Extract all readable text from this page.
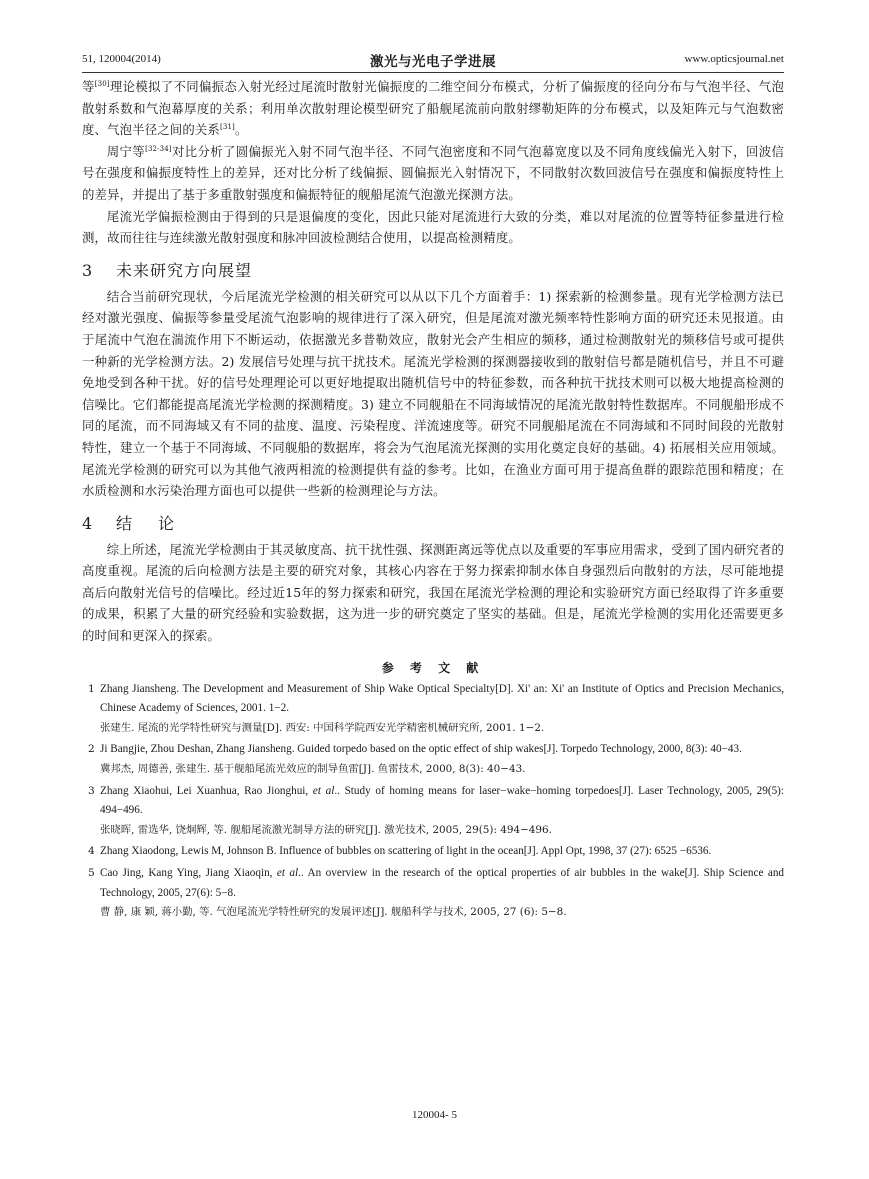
51, 120004(2014)	激光与光电子学进展	www.opticsjournal.net

等[30]理论模拟了不同偏振态入射光经过尾流时散射光偏振度的二维空间分布模式，分析了偏振度的径向分布与气泡半径、气泡散射系数和气泡幕厚度的关系；利用单次散射理论模型研究了船舰尾流前向散射缪勒矩阵的分布模式，以及矩阵元与气泡数密度、气泡半径之间的关系[31]。

周宁等[32-34]对比分析了圆偏振光入射不同气泡半径、不同气泡密度和不同气泡幕宽度以及不同角度线偏光入射下，回波信号在强度和偏振度特性上的差异，还对比分析了线偏振、圆偏振光入射情况下，不同散射次数回波信号在强度和偏振度特性上的差异，并提出了基于多重散射强度和偏振特征的舰船尾流气泡激光探测方法。

尾流光学偏振检测由于得到的只是退偏度的变化，因此只能对尾流进行大致的分类，难以对尾流的位置等特征参量进行检测，故而往往与连续激光散射强度和脉冲回波检测结合使用，以提高检测精度。

3 未来研究方向展望

结合当前研究现状，今后尾流光学检测的相关研究可以从以下几个方面着手：1) 探索新的检测参量。现有光学检测方法已经对激光强度、偏振等参量受尾流气泡影响的规律进行了深入研究，但是尾流对激光频率特性影响方面的研究还未见报道。由于尾流中气泡在湍流作用下不断运动，依据激光多普勒效应，散射光会产生相应的频移，通过检测散射光的频移信号或可提供一种新的光学检测方法。2) 发展信号处理与抗干扰技术。尾流光学检测的探测器接收到的散射信号都是随机信号，并且不可避免地受到各种干扰。好的信号处理理论可以更好地提取出随机信号中的特征参数，而各种抗干扰技术则可以极大地提高检测的信噪比。它们都能提高尾流光学检测的探测精度。3) 建立不同舰船在不同海域情况的尾流光散射特性数据库。不同舰船形成不同的尾流，而不同海域又有不同的盐度、温度、污染程度、洋流速度等。研究不同舰船尾流在不同海域和不同时间段的光散射特性，建立一个基于不同海域、不同舰船的数据库，将会为气泡尾流光探测的实用化奠定良好的基础。4) 拓展相关应用领域。尾流光学检测的研究可以为其他气液两相流的检测提供有益的参考。比如，在渔业方面可用于提高鱼群的跟踪范围和精度；在水质检测和水污染治理方面也可以提供一些新的检测理论与方法。

4 结论

综上所述，尾流光学检测由于其灵敏度高、抗干扰性强、探测距离远等优点以及重要的军事应用需求，受到了国内研究者的高度重视。尾流的后向检测方法是主要的研究对象，其核心内容在于努力探索抑制水体自身强烈后向散射的方法，尽可能地提高后向散射光信号的信噪比。经过近15年的努力探索和研究，我国在尾流光学检测的理论和实验研究方面已经取得了许多重要的成果，积累了大量的研究经验和实验数据，这为进一步的研究奠定了坚实的基础。但是，尾流光学检测的实用化还需要更多的时间和更深入的探索。

参 考 文 献
1 Zhang Jiansheng. The Development and Measurement of Ship Wake Optical Specialty[D]. Xi' an: Xi' an Institute of Optics and Precision Mechanics, Chinese Academy of Sciences, 2001. 1−2.
张建生. 尾流的光学特性研究与测量[D]. 西安: 中国科学院西安光学精密机械研究所, 2001. 1−2.
2 Ji Bangjie, Zhou Deshan, Zhang Jiansheng. Guided torpedo based on the optic effect of ship wakes[J]. Torpedo Technology, 2000, 8(3): 40−43.
冀邦杰, 周德善, 张建生. 基于舰船尾流光效应的制导鱼雷[J]. 鱼雷技术, 2000, 8(3): 40−43.
3 Zhang Xiaohui, Lei Xuanhua, Rao Jionghui, et al.. Study of homing means for laser−wake−homing torpedoes[J]. Laser Technology, 2005, 29(5): 494−496.
张晓晖, 雷选华, 饶炯辉, 等. 舰船尾流激光制导方法的研究[J]. 激光技术, 2005, 29(5): 494−496.
4 Zhang Xiaodong, Lewis M, Johnson B. Influence of bubbles on scattering of light in the ocean[J]. Appl Opt, 1998, 37 (27): 6525 −6536.
5 Cao Jing, Kang Ying, Jiang Xiaoqin, et al.. An overview in the research of the optical properties of air bubbles in the wake[J]. Ship Science and Technology, 2005, 27(6): 5−8.
曹 静, 康 颖, 蒋小勤, 等. 气泡尾流光学特性研究的发展评述[J]. 舰船科学与技术, 2005, 27 (6): 5−8.
120004- 5
